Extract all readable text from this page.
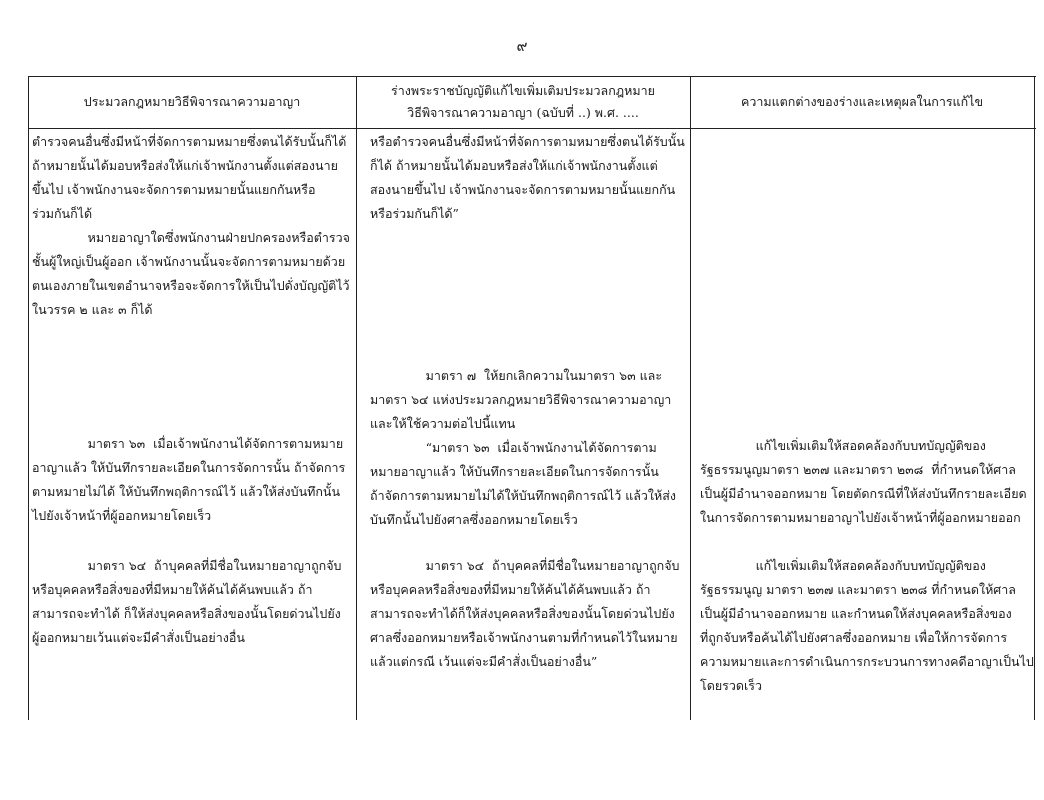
๙
ประมวลกฎหมายวิธีพิจารณาความอาญา
ร่างพระราชบัญญัติแก้ไขเพิ่มเติมประมวลกฎหมาย
วิธีพิจารณาความอาญา (ฉบับที่ ..) พ.ศ. ....
ความแตกต่างของร่างและเหตุผลในการแก้ไข
ตำรวจคนอื่นซึ่งมีหน้าที่จัดการตามหมายซึ่งตนได้รับนั้นก็ได้
ถ้าหมายนั้นได้มอบหรือส่งให้แก่เจ้าพนักงานตั้งแต่สองนาย
ขึ้นไป เจ้าพนักงานจะจัดการตามหมายนั้นแยกกันหรือ
ร่วมกันก็ได้
หมายอาญาใดซึ่งพนักงานฝ่ายปกครองหรือตำรวจ
ชั้นผู้ใหญ่เป็นผู้ออก เจ้าพนักงานนั้นจะจัดการตามหมายด้วย
ตนเองภายในเขตอำนาจหรือจะจัดการให้เป็นไปดั่งบัญญัติไว้
ในวรรค ๒ และ ๓ ก็ได้
มาตรา ๖๓  เมื่อเจ้าพนักงานได้จัดการตามหมาย
อาญาแล้ว ให้บันทึกรายละเอียดในการจัดการนั้น ถ้าจัดการ
ตามหมายไม่ได้ ให้บันทึกพฤติการณ์ไว้ แล้วให้ส่งบันทึกนั้น
ไปยังเจ้าหน้าที่ผู้ออกหมายโดยเร็ว
มาตรา ๖๔  ถ้าบุคคลที่มีชื่อในหมายอาญาถูกจับ
หรือบุคคลหรือสิ่งของที่มีหมายให้ค้นได้ค้นพบแล้ว ถ้า
สามารถจะทำได้ ก็ให้ส่งบุคคลหรือสิ่งของนั้นโดยด่วนไปยัง
ผู้ออกหมายเว้นแต่จะมีคำสั่งเป็นอย่างอื่น
หรือตำรวจคนอื่นซึ่งมีหน้าที่จัดการตามหมายซึ่งตนได้รับนั้น
ก็ได้ ถ้าหมายนั้นได้มอบหรือส่งให้แก่เจ้าพนักงานตั้งแต่
สองนายขึ้นไป เจ้าพนักงานจะจัดการตามหมายนั้นแยกกัน
หรือร่วมกันก็ได้”
มาตรา ๗  ให้ยกเลิกความในมาตรา ๖๓ และ
มาตรา ๖๔ แห่งประมวลกฎหมายวิธีพิจารณาความอาญา
และให้ใช้ความต่อไปนี้แทน
“มาตรา ๖๓  เมื่อเจ้าพนักงานได้จัดการตาม
หมายอาญาแล้ว ให้บันทึกรายละเอียดในการจัดการนั้น
ถ้าจัดการตามหมายไม่ได้ให้บันทึกพฤติการณ์ไว้ แล้วให้ส่ง
บันทึกนั้นไปยังศาลซึ่งออกหมายโดยเร็ว
มาตรา ๖๔  ถ้าบุคคลที่มีชื่อในหมายอาญาถูกจับ
หรือบุคคลหรือสิ่งของที่มีหมายให้ค้นได้ค้นพบแล้ว ถ้า
สามารถจะทำได้ก็ให้ส่งบุคคลหรือสิ่งของนั้นโดยด่วนไปยัง
ศาลซึ่งออกหมายหรือเจ้าพนักงานตามที่กำหนดไว้ในหมาย
แล้วแต่กรณี เว้นแต่จะมีคำสั่งเป็นอย่างอื่น”
แก้ไขเพิ่มเติมให้สอดคล้องกับบทบัญญัติของ
รัฐธรรมนูญมาตรา ๒๓๗ และมาตรา ๒๓๘  ที่กำหนดให้ศาล
เป็นผู้มีอำนาจออกหมาย โดยตัดกรณีที่ให้ส่งบันทึกรายละเอียด
ในการจัดการตามหมายอาญาไปยังเจ้าหน้าที่ผู้ออกหมายออก
แก้ไขเพิ่มเติมให้สอดคล้องกับบทบัญญัติของ
รัฐธรรมนูญ มาตรา ๒๓๗ และมาตรา ๒๓๘ ที่กำหนดให้ศาล
เป็นผู้มีอำนาจออกหมาย และกำหนดให้ส่งบุคคลหรือสิ่งของ
ที่ถูกจับหรือค้นได้ไปยังศาลซึ่งออกหมาย เพื่อให้การจัดการ
ความหมายและการดำเนินการกระบวนการทางคดีอาญาเป็นไป
โดยรวดเร็ว
